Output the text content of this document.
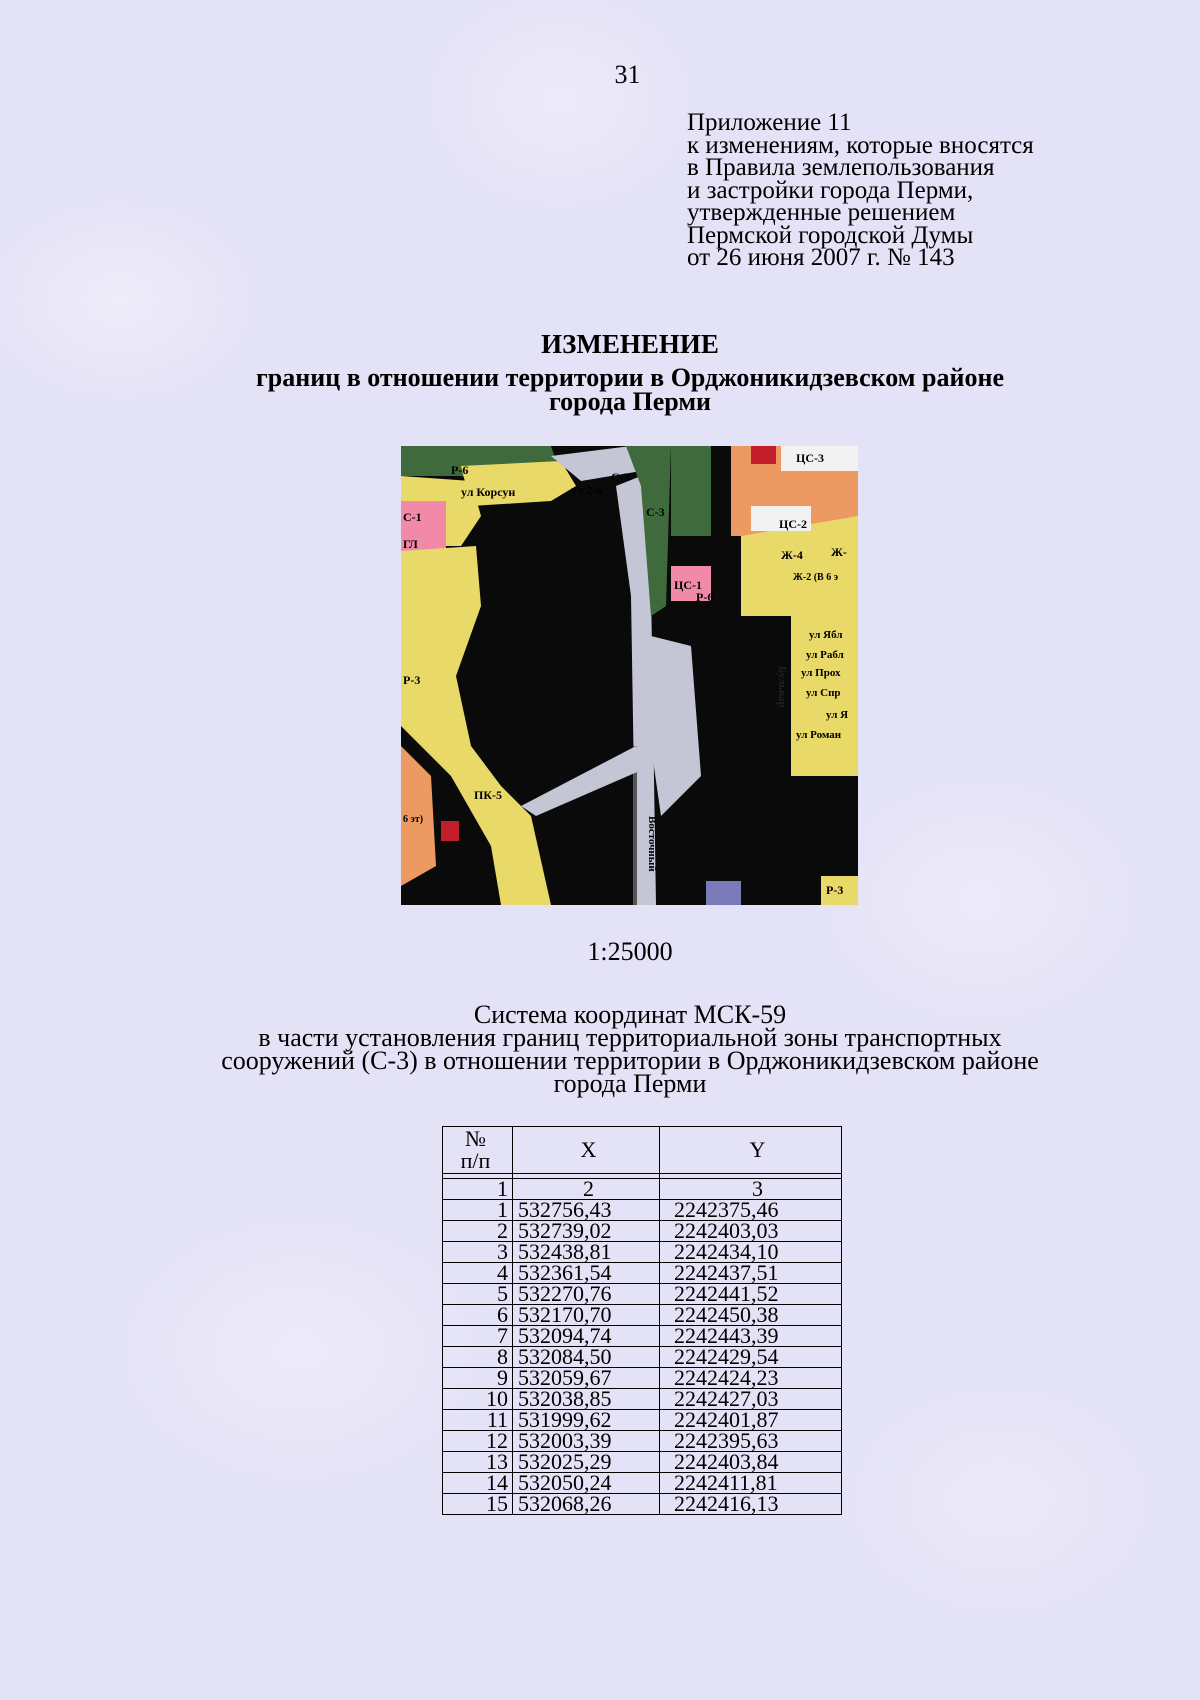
31
Приложение 11
к изменениям, которые вносятся
в Правила землепользования
и застройки города Перми,
утвержденные решением
Пермской городской Думы
от 26 июня 2007 г. № 143
ИЗМЕНЕНИЕ
границ в отношении территории в Орджоникидзевском районе
города Перми
ЦС-3
ЦС-2
С-1
ЦС-1
Р-6
Р-6
ГЛ
Ж-
Ж-4
Ж-2 (В 6 э
ул Корсун	ул 2-я
С-3
С-3
ул Ябл
ул Рабл
ул Прох
ул Спр
ул Я
ул Роман
ПК-5
Р-3
Р-3
6 эт)	Восточный
Бульвар
1:25000
Система координат МСК-59
в части установления границ территориальной зоны транспортных
сооружений (С-3) в отношении территории в Орджоникидзевском районе
города Перми
№
п/п	X	Y

1	2	3
1	532756,43	2242375,46
2	532739,02	2242403,03
3	532438,81	2242434,10
4	532361,54	2242437,51
5	532270,76	2242441,52
6	532170,70	2242450,38
7	532094,74	2242443,39
8	532084,50	2242429,54
9	532059,67	2242424,23
10	532038,85	2242427,03
11	531999,62	2242401,87
12	532003,39	2242395,63
13	532025,29	2242403,84
14	532050,24	2242411,81
15	532068,26	2242416,13
